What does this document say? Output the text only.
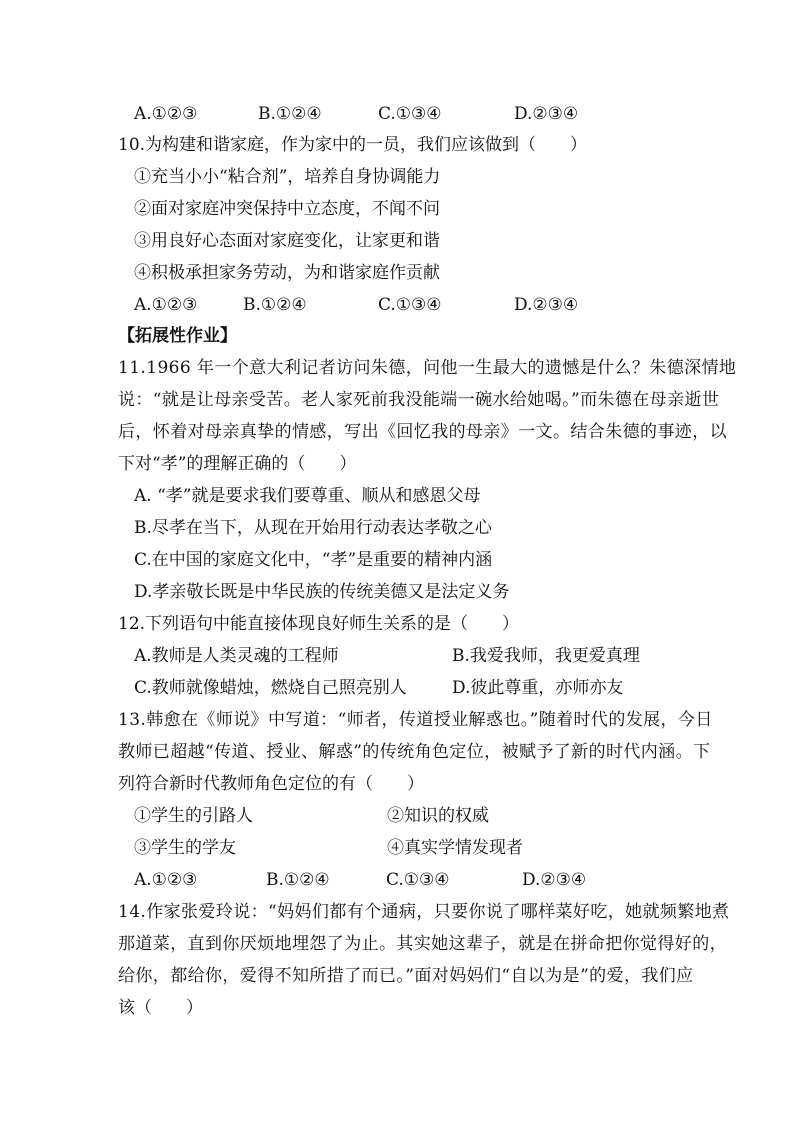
A.①②③	B.①②④	C.①③④	D.②③④
10.为构建和谐家庭，作为家中的一员，我们应该做到（　　）
①充当小小“粘合剂”，培养自身协调能力
②面对家庭冲突保持中立态度，不闻不问
③用良好心态面对家庭变化，让家更和谐
④积极承担家务劳动，为和谐家庭作贡献
A.①②③	B.①②④	C.①③④	D.②③④
【拓展性作业】
11.1966 年一个意大利记者访问朱德，问他一生最大的遗憾是什么？朱德深情地
说：“就是让母亲受苦。老人家死前我没能端一碗水给她喝。”而朱德在母亲逝世
后，怀着对母亲真挚的情感，写出《回忆我的母亲》一文。结合朱德的事迹，以
下对“孝”的理解正确的（　　）
A. “孝”就是要求我们要尊重、顺从和感恩父母
B.尽孝在当下，从现在开始用行动表达孝敬之心
C.在中国的家庭文化中，“孝”是重要的精神内涵
D.孝亲敬长既是中华民族的传统美德又是法定义务
12.下列语句中能直接体现良好师生关系的是（　　）
A.教师是人类灵魂的工程师	B.我爱我师，我更爱真理
C.教师就像蜡烛，燃烧自己照亮别人	D.彼此尊重，亦师亦友
13.韩愈在《师说》中写道：“师者，传道授业解惑也。”随着时代的发展，今日
教师已超越“传道、授业、解惑”的传统角色定位，被赋予了新的时代内涵。下
列符合新时代教师角色定位的有（　　）
①学生的引路人	②知识的权威
③学生的学友	④真实学情发现者
A.①②③	B.①②④	C.①③④	D.②③④
14.作家张爱玲说：“妈妈们都有个通病，只要你说了哪样菜好吃，她就频繁地煮
那道菜，直到你厌烦地埋怨了为止。其实她这辈子，就是在拼命把你觉得好的，
给你，都给你，爱得不知所措了而已。”面对妈妈们“自以为是”的爱，我们应
该（　　）
